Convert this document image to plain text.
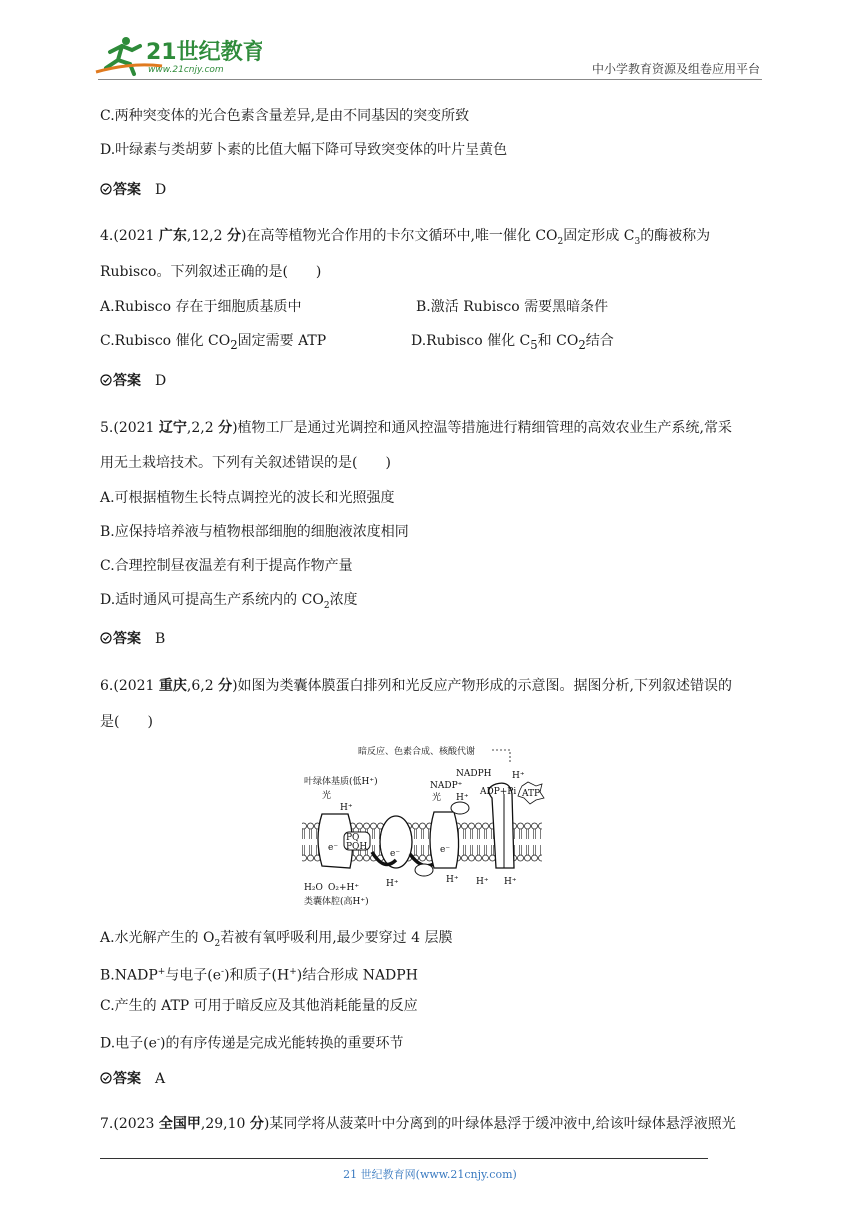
21世纪教育
www.21cnjy.com	中小学教育资源及组卷应用平台
C.两种突变体的光合色素含量差异,是由不同基因的突变所致
D.叶绿素与类胡萝卜素的比值大幅下降可导致突变体的叶片呈黄色
答案 D
4.(2021 广东,12,2 分)在高等植物光合作用的卡尔文循环中,唯一催化 $CO_2$固定形成 $C_3$的酶被称为
Rubisco。下列叙述正确的是(　　)
A.Rubisco 存在于细胞质基质中	B.激活 Rubisco 需要黑暗条件
C.Rubisco 催化 $CO_2$固定需要 ATP	D.Rubisco 催化 $C_5$和 $CO_2$结合
答案 D
5.(2021 辽宁,2,2 分)植物工厂是通过光调控和通风控温等措施进行精细管理的高效农业生产系统,常采
用无土栽培技术。下列有关叙述错误的是(　　)
A.可根据植物生长特点调控光的波长和光照强度
B.应保持培养液与植物根部细胞的细胞液浓度相同
C.合理控制昼夜温差有利于提高作物产量
D.适时通风可提高生产系统内的 $CO_2$浓度
答案 B
6.(2021 重庆,6,2 分)如图为类囊体膜蛋白排列和光反应产物形成的示意图。据图分析,下列叙述错误的
是(　　)
暗反应、色素合成、核酸代谢
叶绿体基质(低H⁺)
光
H⁺
NADPH
NADP⁺
光 H⁺
ADP+Pi
H⁺
ATP
PQ
PQH
e⁻
e⁻	e⁻
H⁺	H⁺ H⁺ H⁺
H₂O O₂+H⁺
类囊体腔(高H⁺)
A.水光解产生的 $O_2$若被有氧呼吸利用,最少要穿过 4 层膜
B.NADP+与电子(e-)和质子(H+)结合形成 NADPH
C.产生的 ATP 可用于暗反应及其他消耗能量的反应
D.电子(e-)的有序传递是完成光能转换的重要环节
答案 A
7.(2023 全国甲,29,10 分)某同学将从菠菜叶中分离到的叶绿体悬浮于缓冲液中,给该叶绿体悬浮液照光
21 世纪教育网(www.21cnjy.com)
